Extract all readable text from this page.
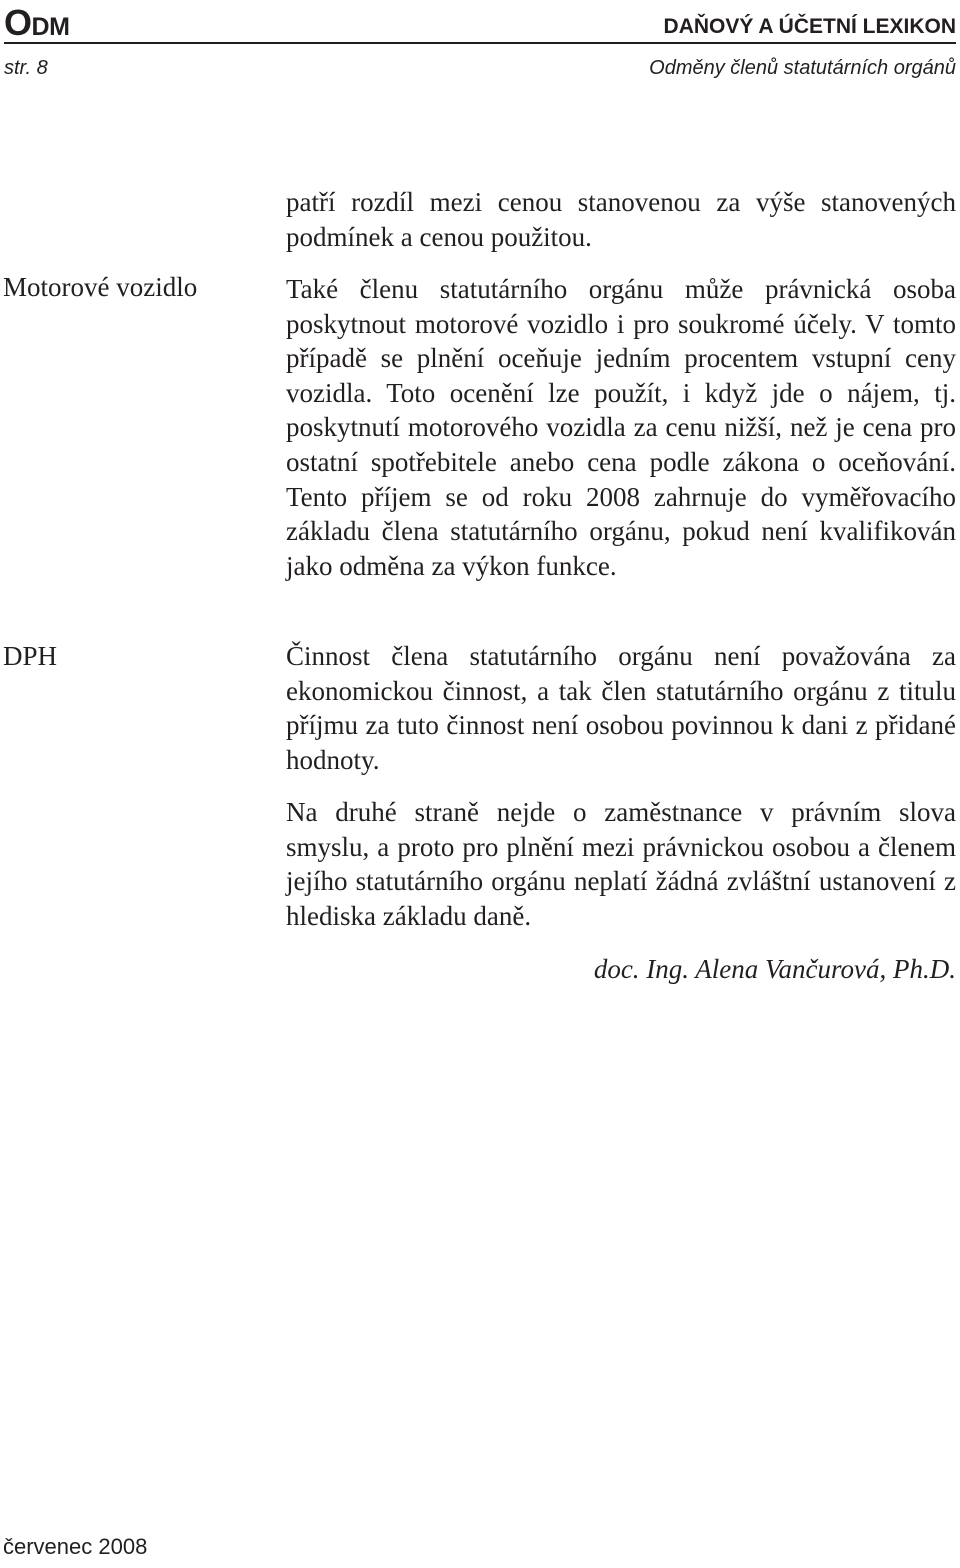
ODM	DAŇOVÝ A ÚČETNÍ LEXIKON
str. 8	Odměny členů statutárních orgánů
Motorové vozidlo
DPH

patří rozdíl mezi cenou stanovenou za výše stanovených podmínek a cenou použitou.

Také členu statutárního orgánu může právnická osoba poskytnout motorové vozidlo i pro soukromé účely. V tomto případě se plnění oceňuje jedním procentem vstupní ceny vozidla. Toto ocenění lze použít, i když jde o nájem, tj. poskytnutí motorového vozidla za cenu nižší, než je cena pro ostatní spotřebitele anebo cena podle zákona o oceňování. Tento příjem se od roku 2008 zahrnuje do vyměřovacího základu člena statutárního orgánu, pokud není kvalifikován jako odměna za výkon funkce.

Činnost člena statutárního orgánu není považována za ekonomickou činnost, a tak člen statutárního orgánu z titulu příjmu za tuto činnost není osobou povinnou k dani z přidané hodnoty.

Na druhé straně nejde o zaměstnance v právním slova smyslu, a proto pro plnění mezi právnickou osobou a členem jejího statutárního orgánu neplatí žádná zvláštní ustanovení z hlediska základu daně.

doc. Ing. Alena Vančurová, Ph.D.
červenec 2008
